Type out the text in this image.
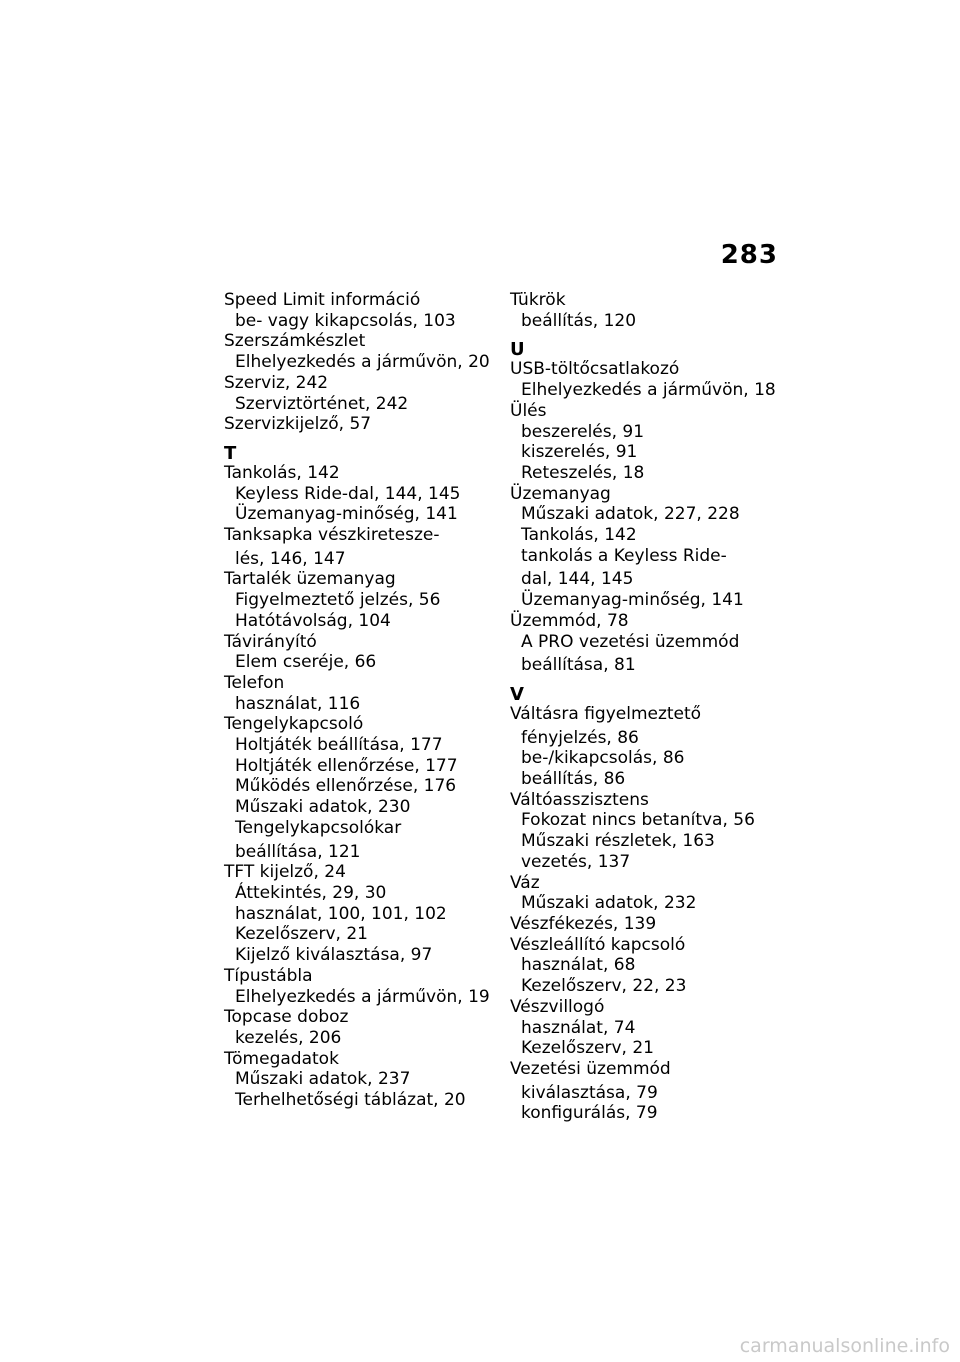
283
Speed Limit információ
be- vagy kikapcsolás, 103
Szerszámkészlet
Elhelyezkedés a járművön, 20
Szerviz, 242
Szerviztörténet, 242
Szervizkijelző, 57
T
Tankolás, 142
Keyless Ride-dal, 144, 145
Üzemanyag-minőség, 141
Tanksapka vészkiretesze-
lés, 146, 147
Tartalék üzemanyag
Figyelmeztető jelzés, 56
Hatótávolság, 104
Távirányító
Elem cseréje, 66
Telefon
használat, 116
Tengelykapcsoló
Holtjáték beállítása, 177
Holtjáték ellenőrzése, 177
Működés ellenőrzése, 176
Műszaki adatok, 230
Tengelykapcsolókar
beállítása, 121
TFT kijelző, 24
Áttekintés, 29, 30
használat, 100, 101, 102
Kezelőszerv, 21
Kijelző kiválasztása, 97
Típustábla
Elhelyezkedés a járművön, 19
Topcase doboz
kezelés, 206
Tömegadatok
Műszaki adatok, 237
Terhelhetőségi táblázat, 20
Tükrök
beállítás, 120
U
USB-töltőcsatlakozó
Elhelyezkedés a járművön, 18
Ülés
beszerelés, 91
kiszerelés, 91
Reteszelés, 18
Üzemanyag
Műszaki adatok, 227, 228
Tankolás, 142
tankolás a Keyless Ride-
dal, 144, 145
Üzemanyag-minőség, 141
Üzemmód, 78
A PRO vezetési üzemmód
beállítása, 81
V
Váltásra figyelmeztető
fényjelzés, 86
be-/kikapcsolás, 86
beállítás, 86
Váltóasszisztens
Fokozat nincs betanítva, 56
Műszaki részletek, 163
vezetés, 137
Váz
Műszaki adatok, 232
Vészfékezés, 139
Vészleállító kapcsoló
használat, 68
Kezelőszerv, 22, 23
Vészvillogó
használat, 74
Kezelőszerv, 21
Vezetési üzemmód
kiválasztása, 79
konfigurálás, 79
carmanualsonline.info
